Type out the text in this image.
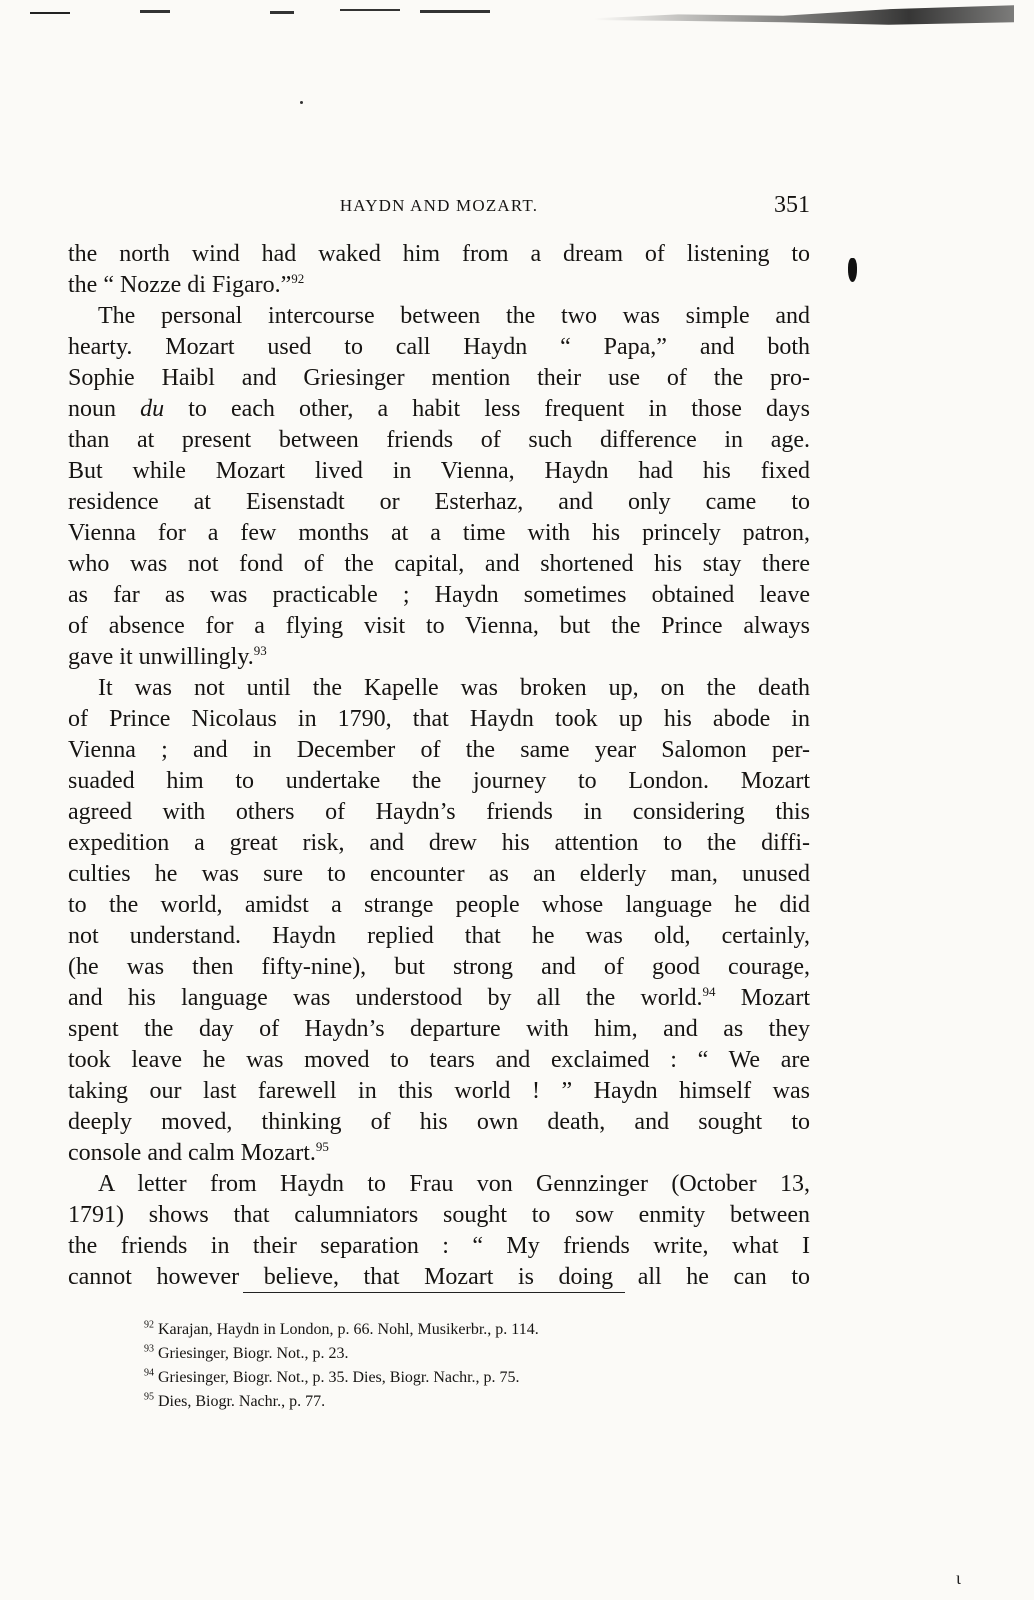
HAYDN AND MOZART.	351

the north wind had waked him from a dream of listening to
the “ Nozze di Figaro.”$^{92}$

The personal intercourse between the two was simple and
hearty. Mozart used to call Haydn “ Papa,” and both
Sophie Haibl and Griesinger mention their use of the pro-
noun du to each other, a habit less frequent in those days
than at present between friends of such difference in age.
But while Mozart lived in Vienna, Haydn had his fixed
residence at Eisenstadt or Esterhaz, and only came to
Vienna for a few months at a time with his princely patron,
who was not fond of the capital, and shortened his stay there
as far as was practicable ; Haydn sometimes obtained leave
of absence for a flying visit to Vienna, but the Prince always
gave it unwillingly.$^{93}$

It was not until the Kapelle was broken up, on the death
of Prince Nicolaus in 1790, that Haydn took up his abode in
Vienna ; and in December of the same year Salomon per-
suaded him to undertake the journey to London. Mozart
agreed with others of Haydn’s friends in considering this
expedition a great risk, and drew his attention to the diffi-
culties he was sure to encounter as an elderly man, unused
to the world, amidst a strange people whose language he did
not understand. Haydn replied that he was old, certainly,
(he was then fifty-nine), but strong and of good courage,
and his language was understood by all the world.$^{94}$ Mozart
spent the day of Haydn’s departure with him, and as they
took leave he was moved to tears and exclaimed : “ We are
taking our last farewell in this world ! ” Haydn himself was
deeply moved, thinking of his own death, and sought to
console and calm Mozart.$^{95}$

A letter from Haydn to Frau von Gennzinger (October 13,
1791) shows that calumniators sought to sow enmity between
the friends in their separation : “ My friends write, what I
cannot however believe, that Mozart is doing all he can to

$^{92}$ Karajan, Haydn in London, p. 66. Nohl, Musikerbr., p. 114.
$^{93}$ Griesinger, Biogr. Not., p. 23.
$^{94}$ Griesinger, Biogr. Not., p. 35. Dies, Biogr. Nachr., p. 75.
$^{95}$ Dies, Biogr. Nachr., p. 77.
ι
